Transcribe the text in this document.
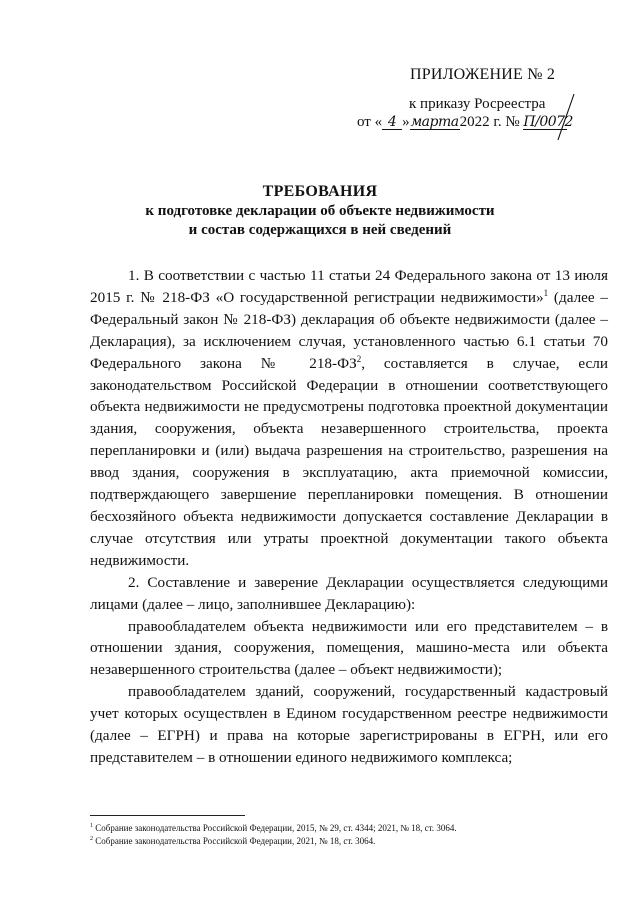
ПРИЛОЖЕНИЕ № 2
к приказу Росреестра
от « 4 »марта2022 г. № П/0072
ТРЕБОВАНИЯ
к подготовке декларации об объекте недвижимости
и состав содержащихся в ней сведений

1. В соответствии с частью 11 статьи 24 Федерального закона от 13 июля 2015 г. № 218-ФЗ «О государственной регистрации недвижимости»$^1$ (далее – Федеральный закон № 218-ФЗ) декларация об объекте недвижимости (далее – Декларация), за исключением случая, установленного частью 6.1 статьи 70 Федерального закона № $218-ФЗ^2$, составляется в случае, если законодательством Российской Федерации в отношении соответствующего объекта недвижимости не предусмотрены подготовка проектной документации здания, сооружения, объекта незавершенного строительства, проекта перепланировки и (или) выдача разрешения на строительство, разрешения на ввод здания, сооружения в эксплуатацию, акта приемочной комиссии, подтверждающего завершение перепланировки помещения. В отношении бесхозяйного объекта недвижимости допускается составление Декларации в случае отсутствия или утраты проектной документации такого объекта недвижимости.

2. Составление и заверение Декларации осуществляется следующими лицами (далее – лицо, заполнившее Декларацию):

правообладателем объекта недвижимости или его представителем – в отношении здания, сооружения, помещения, машино-места или объекта незавершенного строительства (далее – объект недвижимости);

правообладателем зданий, сооружений, государственный кадастровый учет которых осуществлен в Едином государственном реестре недвижимости (далее – ЕГРН) и права на которые зарегистрированы в ЕГРН, или его представителем – в отношении единого недвижимого комплекса;

$^1$ Собрание законодательства Российской Федерации, 2015, № 29, ст. 4344; 2021, № 18, ст. 3064.
$^2$ Собрание законодательства Российской Федерации, 2021, № 18, ст. 3064.
